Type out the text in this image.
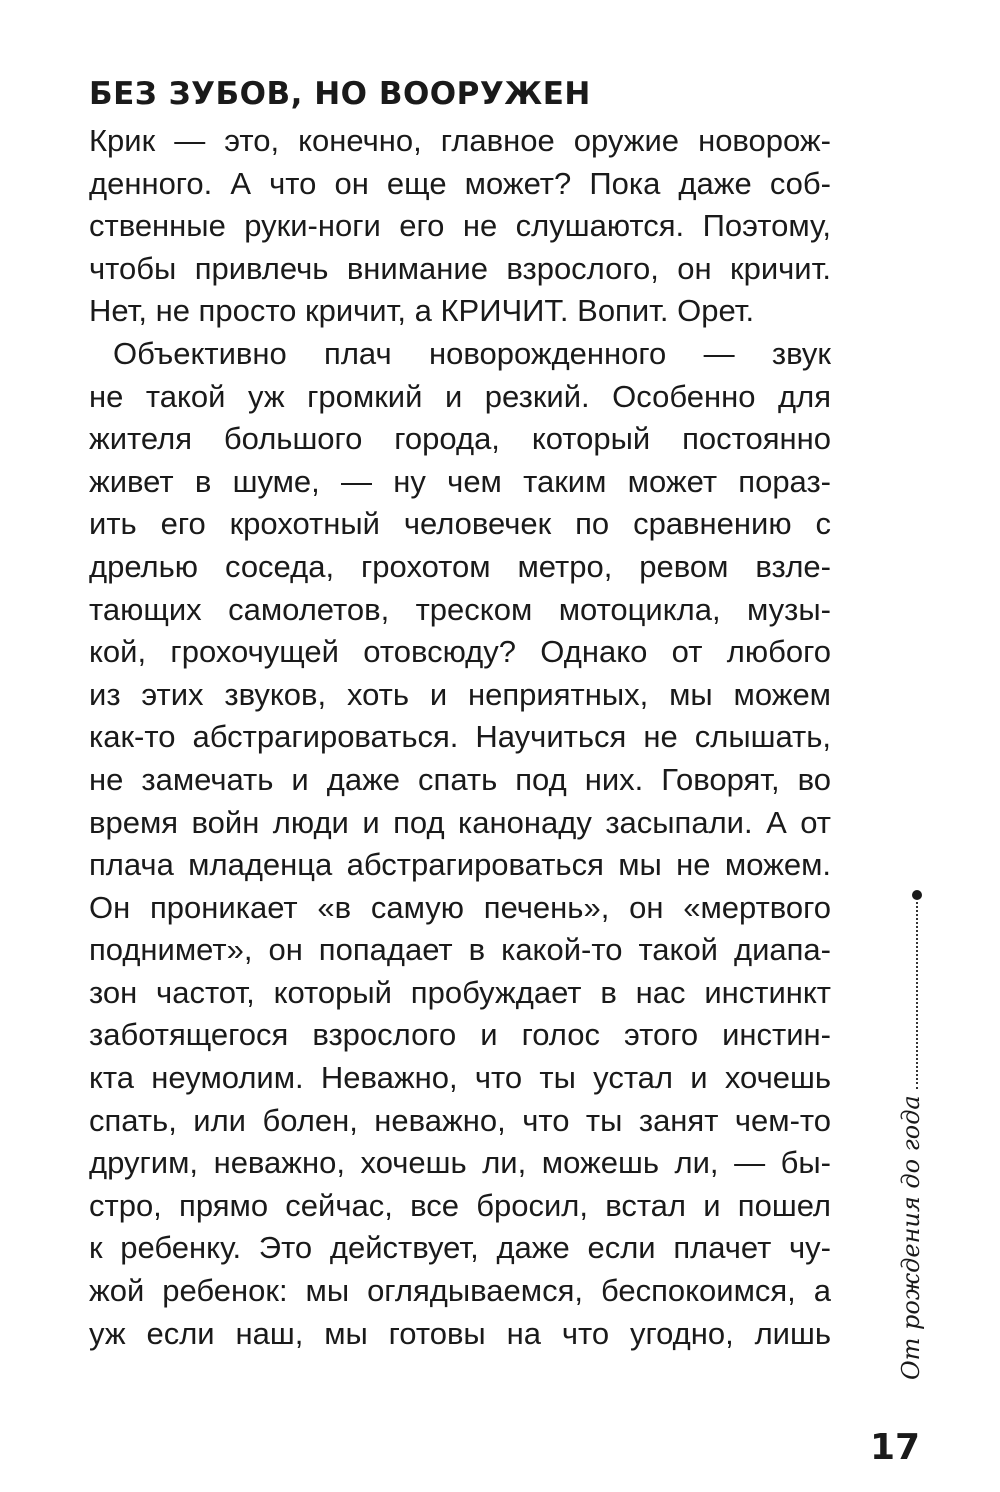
БЕЗ ЗУБОВ, НО ВООРУЖЕН
Крик — это, конечно, главное оружие новорож-
денного. А что он еще может? Пока даже соб-
ственные руки-ноги его не слушаются. Поэтому,
чтобы привлечь внимание взрослого, он кричит.
Нет, не просто кричит, а КРИЧИТ. Вопит. Орет.
Объективно плач новорожденного — звук
не такой уж громкий и резкий. Особенно для
жителя большого города, который постоянно
живет в шуме, — ну чем таким может пораз-
ить его крохотный человечек по сравнению с
дрелью соседа, грохотом метро, ревом взле-
тающих самолетов, треском мотоцикла, музы-
кой, грохочущей отовсюду? Однако от любого
из этих звуков, хоть и неприятных, мы можем
как-то абстрагироваться. Научиться не слышать,
не замечать и даже спать под них. Говорят, во
время войн люди и под канонаду засыпали. А от
плача младенца абстрагироваться мы не можем.
Он проникает «в самую печень», он «мертвого
поднимет», он попадает в какой-то такой диапа-
зон частот, который пробуждает в нас инстинкт
заботящегося взрослого и голос этого инстин-
кта неумолим. Неважно, что ты устал и хочешь
спать, или болен, неважно, что ты занят чем-то
другим, неважно, хочешь ли, можешь ли, — бы-
стро, прямо сейчас, все бросил, встал и пошел
к ребенку. Это действует, даже если плачет чу-
жой ребенок: мы оглядываемся, беспокоимся, а
уж если наш, мы готовы на что угодно, лишь	От рождения до года
17
